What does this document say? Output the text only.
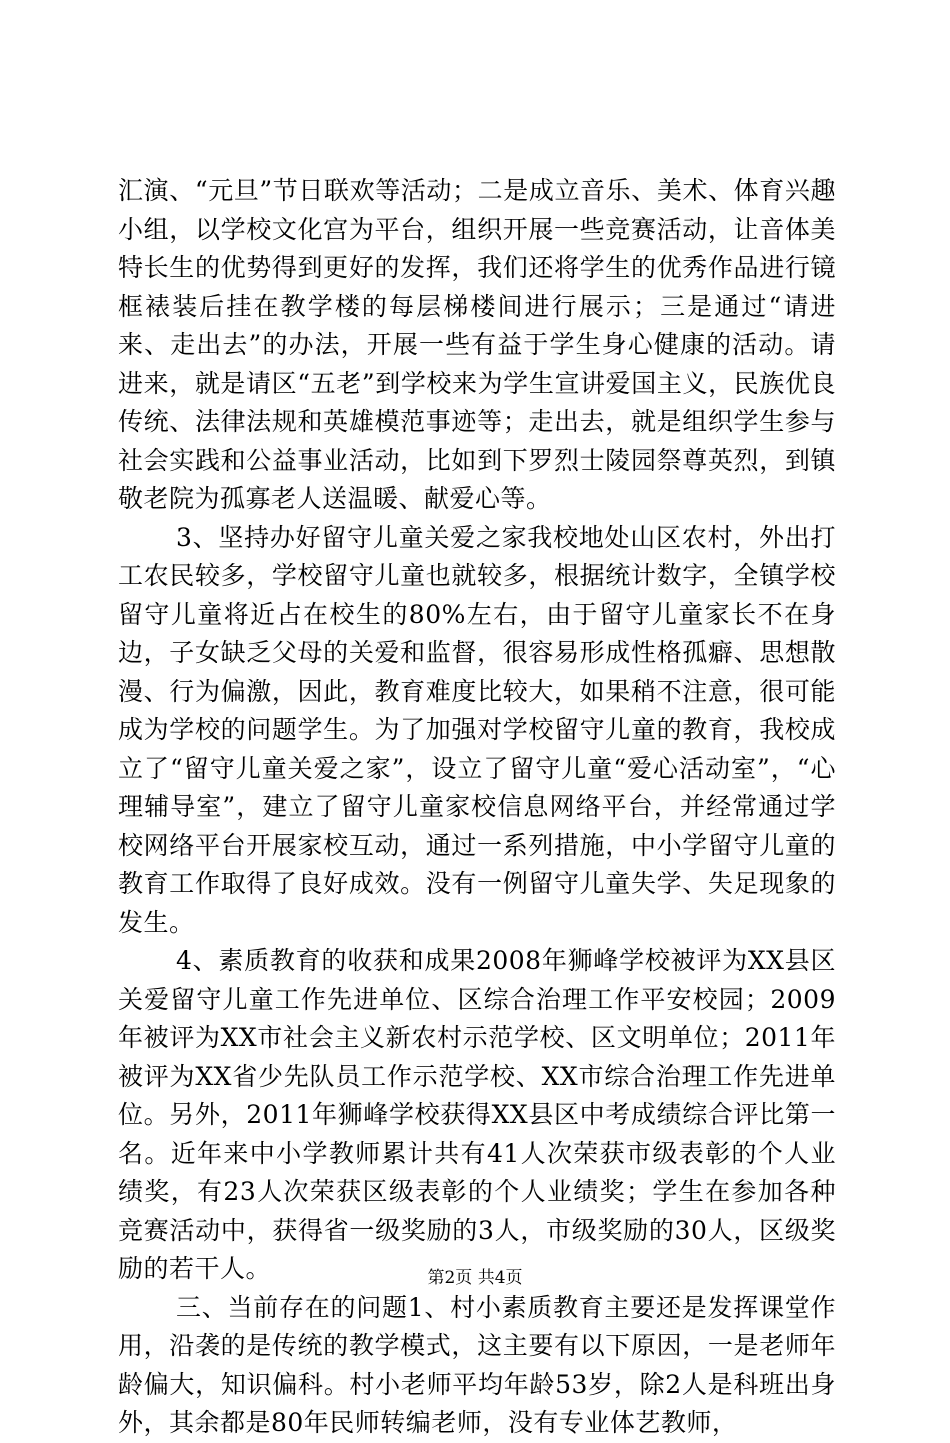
汇演、“元旦”节日联欢等活动；二是成立音乐、美术、体育兴趣小组，以学校文化宫为平台，组织开展一些竞赛活动，让音体美特长生的优势得到更好的发挥，我们还将学生的优秀作品进行镜框裱装后挂在教学楼的每层梯楼间进行展示；三是通过“请进来、走出去”的办法，开展一些有益于学生身心健康的活动。请进来，就是请区“五老”到学校来为学生宣讲爱国主义，民族优良传统、法律法规和英雄模范事迹等；走出去，就是组织学生参与社会实践和公益事业活动，比如到下罗烈士陵园祭尊英烈，到镇敬老院为孤寡老人送温暖、献爱心等。

3、坚持办好留守儿童关爱之家我校地处山区农村，外出打工农民较多，学校留守儿童也就较多，根据统计数字，全镇学校留守儿童将近占在校生的80%左右，由于留守儿童家长不在身边，子女缺乏父母的关爱和监督，很容易形成性格孤癖、思想散漫、行为偏激，因此，教育难度比较大，如果稍不注意，很可能成为学校的问题学生。为了加强对学校留守儿童的教育，我校成立了“留守儿童关爱之家”，设立了留守儿童“爱心活动室”，“心理辅导室”，建立了留守儿童家校信息网络平台，并经常通过学校网络平台开展家校互动，通过一系列措施，中小学留守儿童的教育工作取得了良好成效。没有一例留守儿童失学、失足现象的发生。

4、素质教育的收获和成果2008年狮峰学校被评为XX县区关爱留守儿童工作先进单位、区综合治理工作平安校园；2009年被评为XX市社会主义新农村示范学校、区文明单位；2011年被评为XX省少先队员工作示范学校、XX市综合治理工作先进单位。另外，2011年狮峰学校获得XX县区中考成绩综合评比第一名。近年来中小学教师累计共有41人次荣获市级表彰的个人业绩奖，有23人次荣获区级表彰的个人业绩奖；学生在参加各种竞赛活动中，获得省一级奖励的3人，市级奖励的30人，区级奖励的若干人。

三、当前存在的问题1、村小素质教育主要还是发挥课堂作用，沿袭的是传统的教学模式，这主要有以下原因，一是老师年龄偏大，知识偏科。村小老师平均年龄53岁，除2人是科班出身外，其余都是80年民师转编老师，没有专业体艺教师，

第2页 共4页
